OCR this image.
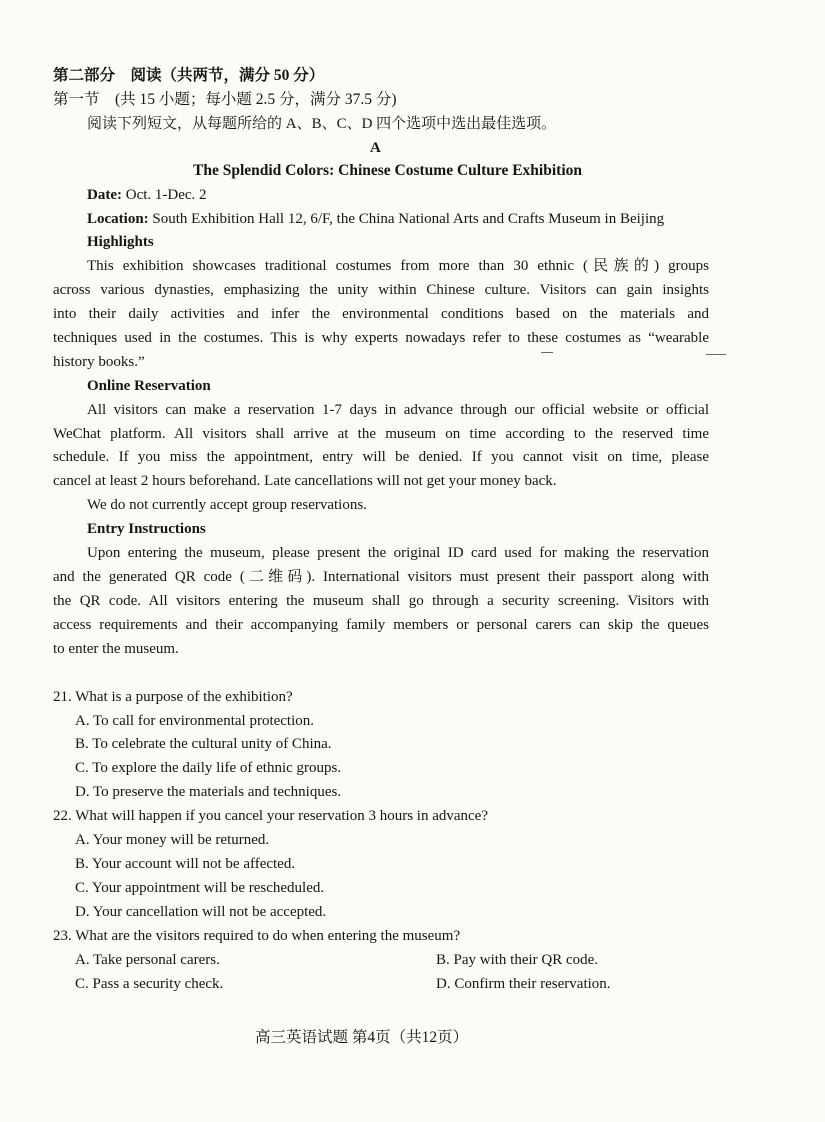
第二部分　阅读（共两节，满分 50 分）
第一节　(共 15 小题；每小题 2.5 分，满分 37.5 分)
阅读下列短文，从每题所给的 A、B、C、D 四个选项中选出最佳选项。
A
The Splendid Colors: Chinese Costume Culture Exhibition
Date: Oct. 1-Dec. 2
Location: South Exhibition Hall 12, 6/F, the China National Arts and Crafts Museum in Beijing
Highlights
This exhibition showcases traditional costumes from more than 30 ethnic (民族的) groups
across various dynasties, emphasizing the unity within Chinese culture. Visitors can gain insights
into their daily activities and infer the environmental conditions based on the materials and
techniques used in the costumes. This is why experts nowadays refer to these costumes as “wearable
history books.”
Online Reservation
All visitors can make a reservation 1-7 days in advance through our official website or official
WeChat platform. All visitors shall arrive at the museum on time according to the reserved time
schedule. If you miss the appointment, entry will be denied. If you cannot visit on time, please
cancel at least 2 hours beforehand. Late cancellations will not get your money back.
We do not currently accept group reservations.
Entry Instructions
Upon entering the museum, please present the original ID card used for making the reservation
and the generated QR code (二维码). International visitors must present their passport along with
the QR code. All visitors entering the museum shall go through a security screening. Visitors with
access requirements and their accompanying family members or personal carers can skip the queues
to enter the museum.
21. What is a purpose of the exhibition?
A. To call for environmental protection.
B. To celebrate the cultural unity of China.
C. To explore the daily life of ethnic groups.
D. To preserve the materials and techniques.
22. What will happen if you cancel your reservation 3 hours in advance?
A. Your money will be returned.
B. Your account will not be affected.
C. Your appointment will be rescheduled.
D. Your cancellation will not be accepted.
23. What are the visitors required to do when entering the museum?
A. Take personal carers.	B. Pay with their QR code.
C. Pass a security check.	D. Confirm their reservation.
高三英语试题 第4页（共12页）
